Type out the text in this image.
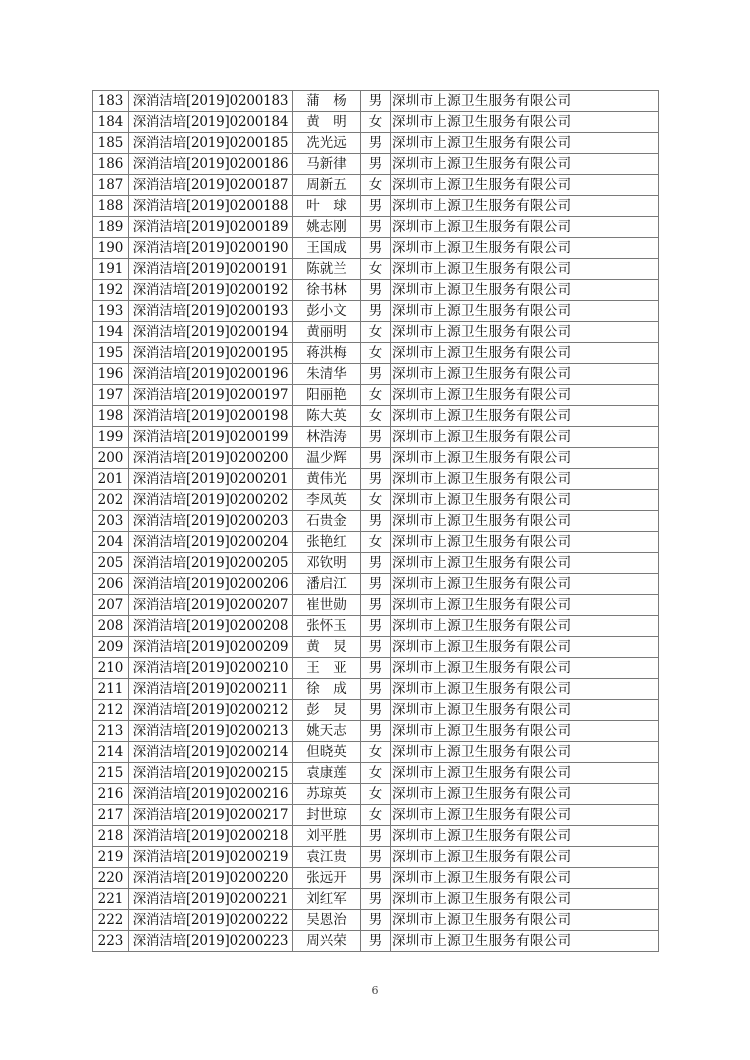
183	深消洁培[2019]0200183	蒲　杨	男	深圳市上源卫生服务有限公司
184	深消洁培[2019]0200184	黄　明	女	深圳市上源卫生服务有限公司
185	深消洁培[2019]0200185	冼光远	男	深圳市上源卫生服务有限公司
186	深消洁培[2019]0200186	马新律	男	深圳市上源卫生服务有限公司
187	深消洁培[2019]0200187	周新五	女	深圳市上源卫生服务有限公司
188	深消洁培[2019]0200188	叶　球	男	深圳市上源卫生服务有限公司
189	深消洁培[2019]0200189	姚志刚	男	深圳市上源卫生服务有限公司
190	深消洁培[2019]0200190	王国成	男	深圳市上源卫生服务有限公司
191	深消洁培[2019]0200191	陈就兰	女	深圳市上源卫生服务有限公司
192	深消洁培[2019]0200192	徐书林	男	深圳市上源卫生服务有限公司
193	深消洁培[2019]0200193	彭小文	男	深圳市上源卫生服务有限公司
194	深消洁培[2019]0200194	黄丽明	女	深圳市上源卫生服务有限公司
195	深消洁培[2019]0200195	蒋洪梅	女	深圳市上源卫生服务有限公司
196	深消洁培[2019]0200196	朱清华	男	深圳市上源卫生服务有限公司
197	深消洁培[2019]0200197	阳丽艳	女	深圳市上源卫生服务有限公司
198	深消洁培[2019]0200198	陈大英	女	深圳市上源卫生服务有限公司
199	深消洁培[2019]0200199	林浩涛	男	深圳市上源卫生服务有限公司
200	深消洁培[2019]0200200	温少辉	男	深圳市上源卫生服务有限公司
201	深消洁培[2019]0200201	黄伟光	男	深圳市上源卫生服务有限公司
202	深消洁培[2019]0200202	李凤英	女	深圳市上源卫生服务有限公司
203	深消洁培[2019]0200203	石贵金	男	深圳市上源卫生服务有限公司
204	深消洁培[2019]0200204	张艳红	女	深圳市上源卫生服务有限公司
205	深消洁培[2019]0200205	邓钦明	男	深圳市上源卫生服务有限公司
206	深消洁培[2019]0200206	潘启江	男	深圳市上源卫生服务有限公司
207	深消洁培[2019]0200207	崔世勋	男	深圳市上源卫生服务有限公司
208	深消洁培[2019]0200208	张怀玉	男	深圳市上源卫生服务有限公司
209	深消洁培[2019]0200209	黄　炅	男	深圳市上源卫生服务有限公司
210	深消洁培[2019]0200210	王　亚	男	深圳市上源卫生服务有限公司
211	深消洁培[2019]0200211	徐　成	男	深圳市上源卫生服务有限公司
212	深消洁培[2019]0200212	彭　炅	男	深圳市上源卫生服务有限公司
213	深消洁培[2019]0200213	姚天志	男	深圳市上源卫生服务有限公司
214	深消洁培[2019]0200214	但晓英	女	深圳市上源卫生服务有限公司
215	深消洁培[2019]0200215	袁康莲	女	深圳市上源卫生服务有限公司
216	深消洁培[2019]0200216	苏琼英	女	深圳市上源卫生服务有限公司
217	深消洁培[2019]0200217	封世琼	女	深圳市上源卫生服务有限公司
218	深消洁培[2019]0200218	刘平胜	男	深圳市上源卫生服务有限公司
219	深消洁培[2019]0200219	袁江贵	男	深圳市上源卫生服务有限公司
220	深消洁培[2019]0200220	张远开	男	深圳市上源卫生服务有限公司
221	深消洁培[2019]0200221	刘红军	男	深圳市上源卫生服务有限公司
222	深消洁培[2019]0200222	吴恩治	男	深圳市上源卫生服务有限公司
223	深消洁培[2019]0200223	周兴荣	男	深圳市上源卫生服务有限公司
6
